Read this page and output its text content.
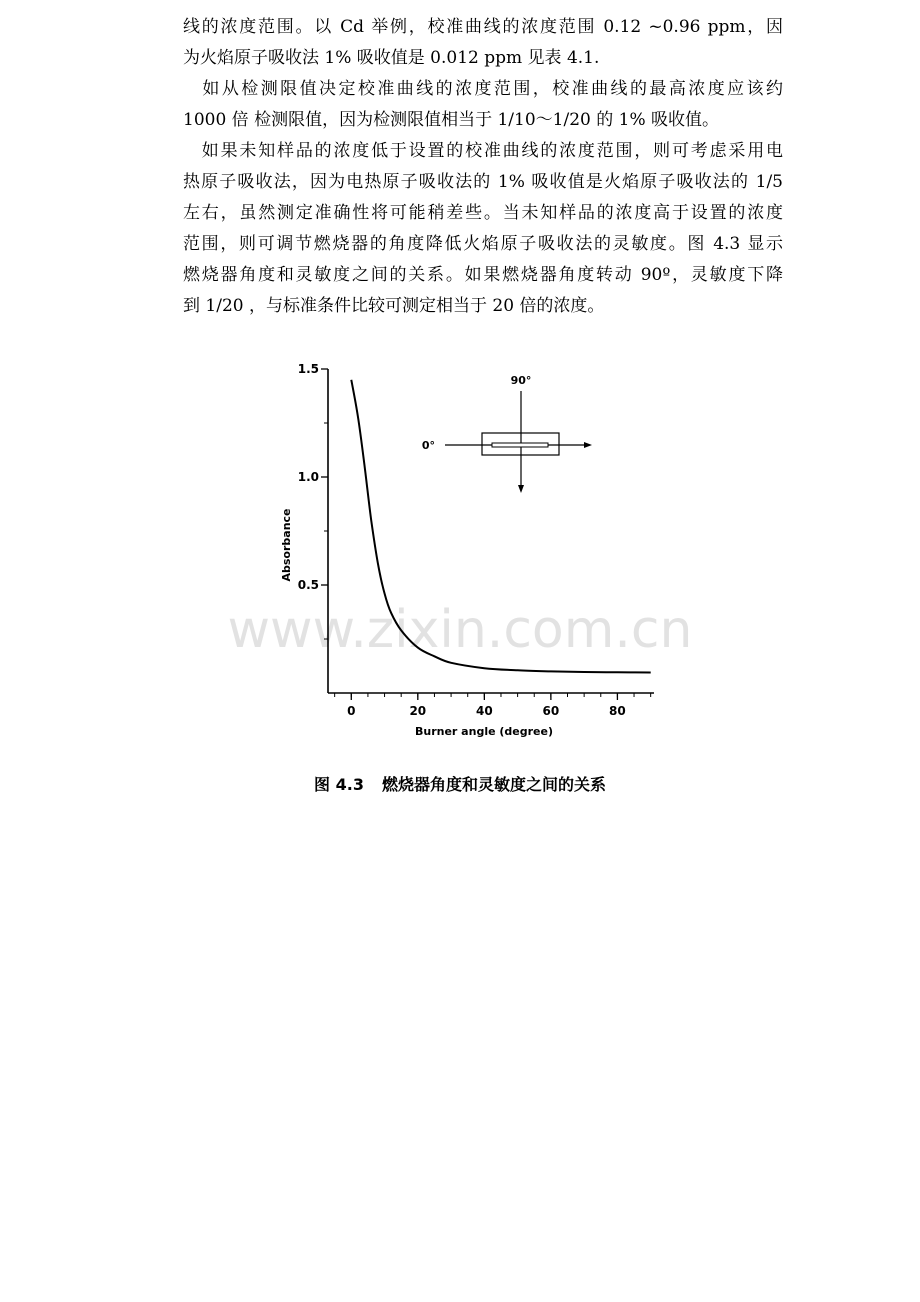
线的浓度范围。以 Cd 举例，校准曲线的浓度范围 0.12 ~0.96 ppm，因
为火焰原子吸收法 1% 吸收值是 0.012 ppm 见表 4.1.
　如从检测限值决定校准曲线的浓度范围，校准曲线的最高浓度应该约
1000 倍 检测限值，因为检测限值相当于 1/10～1/20 的 1% 吸收值。
　如果未知样品的浓度低于设置的校准曲线的浓度范围，则可考虑采用电
热原子吸收法，因为电热原子吸收法的 1% 吸收值是火焰原子吸收法的 1/5
左右，虽然测定准确性将可能稍差些。当未知样品的浓度高于设置的浓度
范围，则可调节燃烧器的角度降低火焰原子吸收法的灵敏度。图 4.3 显示
燃烧器角度和灵敏度之间的关系。如果燃烧器角度转动 90º，灵敏度下降
到 1/20 ，与标准条件比较可测定相当于 20 倍的浓度。
www.zixin.com.cn
0	20	40	60	80
0.5
1.0
1.5
Absorbance
Burner angle (degree)
90°
0°
图 4.3 燃烧器角度和灵敏度之间的关系
